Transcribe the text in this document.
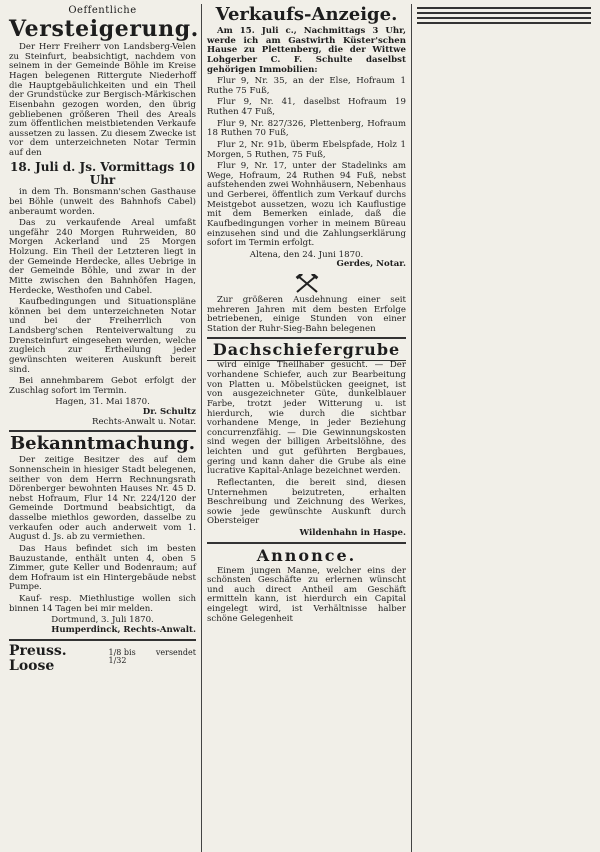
Oeffentliche
Versteigerung.

Der Herr Freiherr von Landsberg-Velen zu Steinfurt, beabsichtigt, nachdem von seinem in der Gemeinde Böhle im Kreise Hagen belegenen Rittergute Niederhoff die Hauptgebäulichkeiten und ein Theil der Grundstücke zur Bergisch-Märkischen Eisenbahn gezogen worden, den übrig gebliebenen größeren Theil des Areals zum öffentlichen meistbietenden Verkaufe aussetzen zu lassen. Zu diesem Zwecke ist vor dem unterzeichneten Notar Termin auf den

18. Juli d. Js. Vormittags 10 Uhr

in dem Th. Bonsmann'schen Gasthause bei Böhle (unweit des Bahnhofs Cabel) anberaumt worden.

Das zu verkaufende Areal umfaßt ungefähr 240 Morgen Ruhrweiden, 80 Morgen Ackerland und 25 Morgen Holzung. Ein Theil der Letzteren liegt in der Gemeinde Herdecke, alles Uebrige in der Gemeinde Böhle, und zwar in der Mitte zwischen den Bahnhöfen Hagen, Herdecke, Westhofen und Cabel.

Kaufbedingungen und Situationspläne können bei dem unterzeichneten Notar und bei der Freiherrlich von Landsberg'schen Renteiverwaltung zu Drensteinfurt eingesehen werden, welche zugleich zur Ertheilung jeder gewünschten weiteren Auskunft bereit sind.

Bei annehmbarem Gebot erfolgt der Zuschlag sofort im Termin.

Hagen, 31. Mai 1870.
Dr. Schultz
Rechts-Anwalt u. Notar.
Bekanntmachung.

Der zeitige Besitzer des auf dem Sonnenschein in hiesiger Stadt belegenen, seither von dem Herrn Rechnungsrath Dörenberger bewohnten Hauses Nr. 45 D. nebst Hofraum, Flur 14 Nr. 224/120 der Gemeinde Dortmund beabsichtigt, da dasselbe miethlos geworden, dasselbe zu verkaufen oder auch anderweit vom 1. August d. Js. ab zu vermiethen.

Das Haus befindet sich im besten Bauzustande, enthält unten 4, oben 5 Zimmer, gute Keller und Bodenraum; auf dem Hofraum ist ein Hintergebäude nebst Pumpe.

Kauf- resp. Miethlustige wollen sich binnen 14 Tagen bei mir melden.

Dortmund, 3. Juli 1870.
Humperdinck, Rechts-Anwalt.
Preuss. Loose
1/8 bis 1/32
versendet
Verkaufs-Anzeige.

Am 15. Juli c., Nachmittags 3 Uhr, werde ich am Gastwirth Küster'schen Hause zu Plettenberg, die der Wittwe Lohgerber C. F. Schulte daselbst gehörigen Immobilien:

Flur 9, Nr. 35, an der Else, Hofraum 1 Ruthe 75 Fuß,

Flur 9, Nr. 41, daselbst Hofraum 19 Ruthen 47 Fuß,

Flur 9, Nr. 827/326, Plettenberg, Hofraum 18 Ruthen 70 Fuß,

Flur 2, Nr. 91b, überm Ebelspfade, Holz 1 Morgen, 5 Ruthen, 75 Fuß,

Flur 9, Nr. 17, unter der Stadelinks am Wege, Hofraum, 24 Ruthen 94 Fuß, nebst aufstehenden zwei Wohnhäusern, Nebenhaus und Gerberei, öffentlich zum Verkauf durchs Meistgebot aussetzen, wozu ich Kauflustige mit dem Bemerken einlade, daß die Kaufbedingungen vorher in meinem Büreau einzusehen sind und die Zahlungserklärung sofort im Termin erfolgt.

Altena, den 24. Juni 1870.
Gerdes, Notar.

Zur größeren Ausdehnung einer seit mehreren Jahren mit dem besten Erfolge betriebenen, einige Stunden von einer Station der Ruhr-Sieg-Bahn belegenen

Dachschiefergrube

wird einige Theilhaber gesucht. — Der vorhandene Schiefer, auch zur Bearbeitung von Platten u. Möbelstücken geeignet, ist von ausgezeichneter Güte, dunkelblauer Farbe, trotzt jeder Witterung u. ist hierdurch, wie durch die sichtbar vorhandene Menge, in jeder Beziehung concurrenzfähig. — Die Gewinnungskosten sind wegen der billigen Arbeitslöhne, des leichten und gut geführten Bergbaues, gering und kann daher die Grube als eine lucrative Kapital-Anlage bezeichnet werden.

Reflectanten, die bereit sind, diesen Unternehmen beizutreten, erhalten Beschreibung und Zeichnung des Werkes, sowie jede gewünschte Auskunft durch Obersteiger

Wildenhahn in Haspe.
Annonce.

Einem jungen Manne, welcher eins der schönsten Geschäfte zu erlernen wünscht und auch direct Antheil am Geschäft ermitteln kann, ist hierdurch ein Capital eingelegt wird, ist Verhältnisse halber schöne Gelegenheit
